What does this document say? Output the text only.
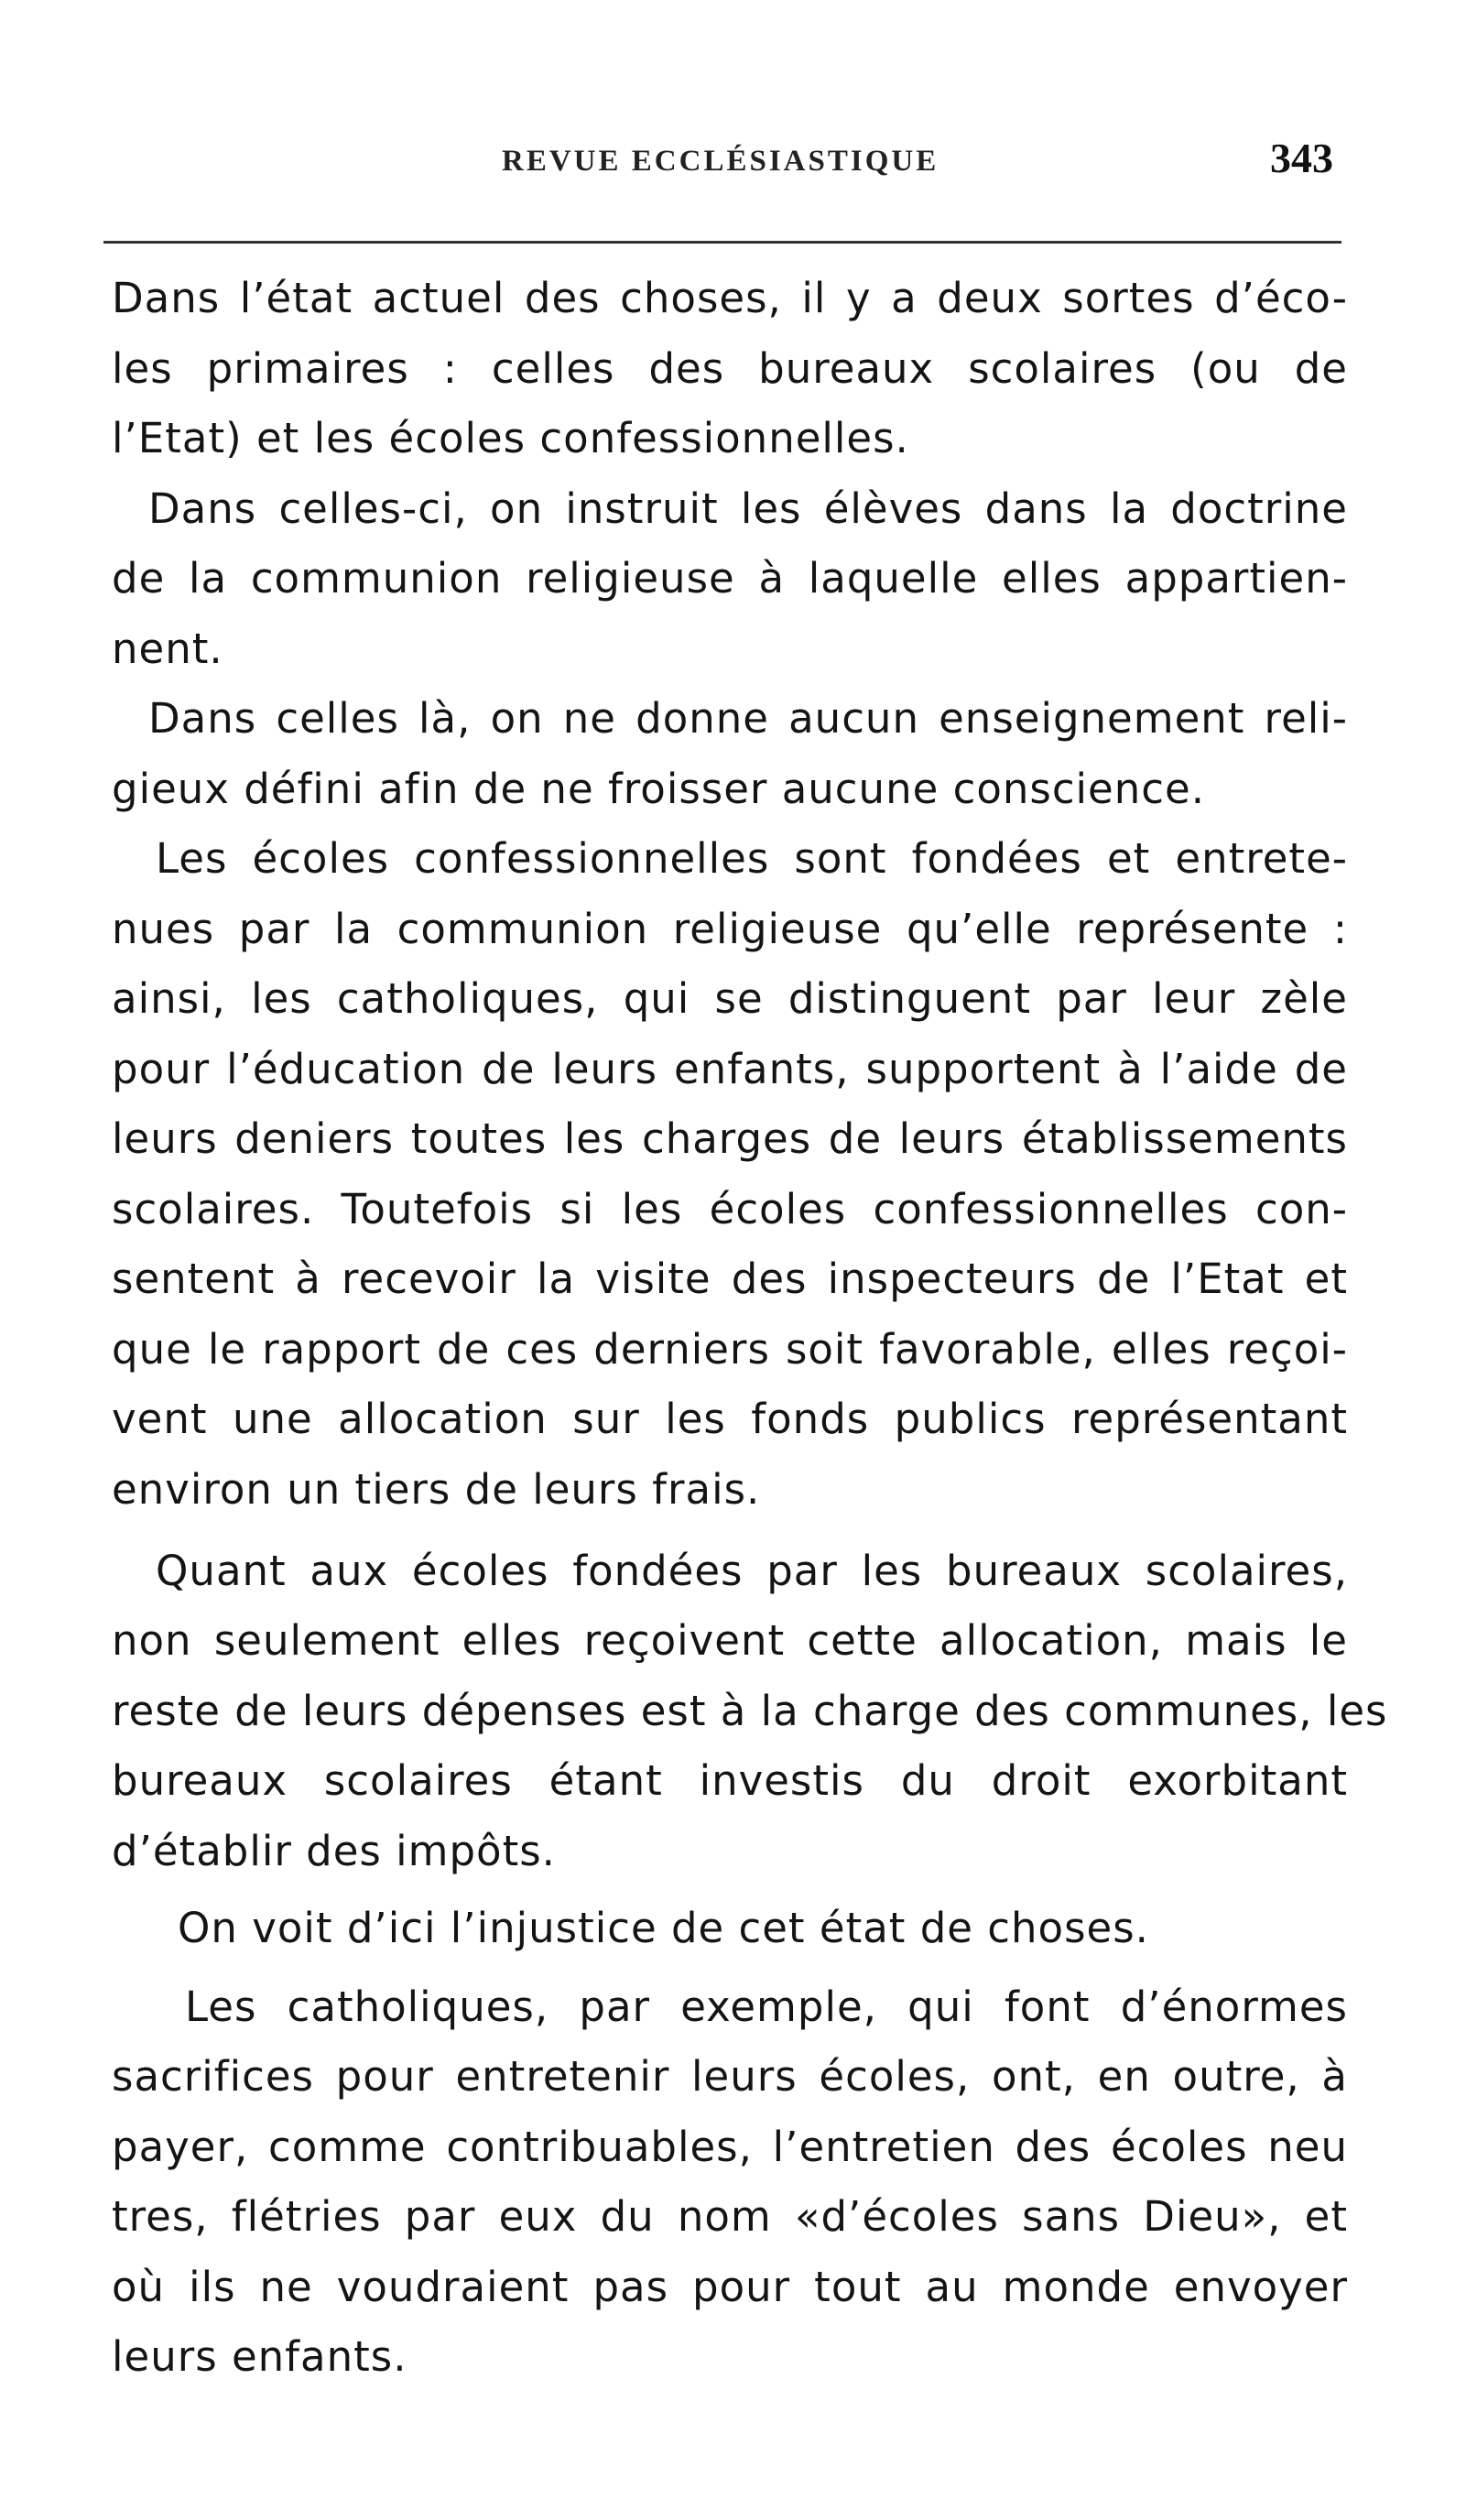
REVUE ECCLÉSIASTIQUE	343
Dans l’état actuel des choses, il y a deux sortes d’éco-
les primaires : celles des bureaux scolaires (ou de
l’Etat) et les écoles confessionnelles.
Dans celles-ci, on instruit les élèves dans la doctrine
de la communion religieuse à laquelle elles appartien-
nent.
Dans celles là, on ne donne aucun enseignement reli-
gieux défini afin de ne froisser aucune conscience.
Les écoles confessionnelles sont fondées et entrete-
nues par la communion religieuse qu’elle représente :
ainsi, les catholiques, qui se distinguent par leur zèle
pour l’éducation de leurs enfants, supportent à l’aide de
leurs deniers toutes les charges de leurs établissements
scolaires. Toutefois si les écoles confessionnelles con-
sentent à recevoir la visite des inspecteurs de l’Etat et
que le rapport de ces derniers soit favorable, elles reçoi-
vent une allocation sur les fonds publics représentant
environ un tiers de leurs frais.
Quant aux écoles fondées par les bureaux scolaires,
non seulement elles reçoivent cette allocation, mais le
reste de leurs dépenses est à la charge des communes, les
bureaux scolaires étant investis du droit exorbitant
d’établir des impôts.
On voit d’ici l’injustice de cet état de choses.
Les catholiques, par exemple, qui font d’énormes
sacrifices pour entretenir leurs écoles, ont, en outre, à
payer, comme contribuables, l’entretien des écoles neu
tres, flétries par eux du nom «d’écoles sans Dieu», et
où ils ne voudraient pas pour tout au monde envoyer
leurs enfants.
